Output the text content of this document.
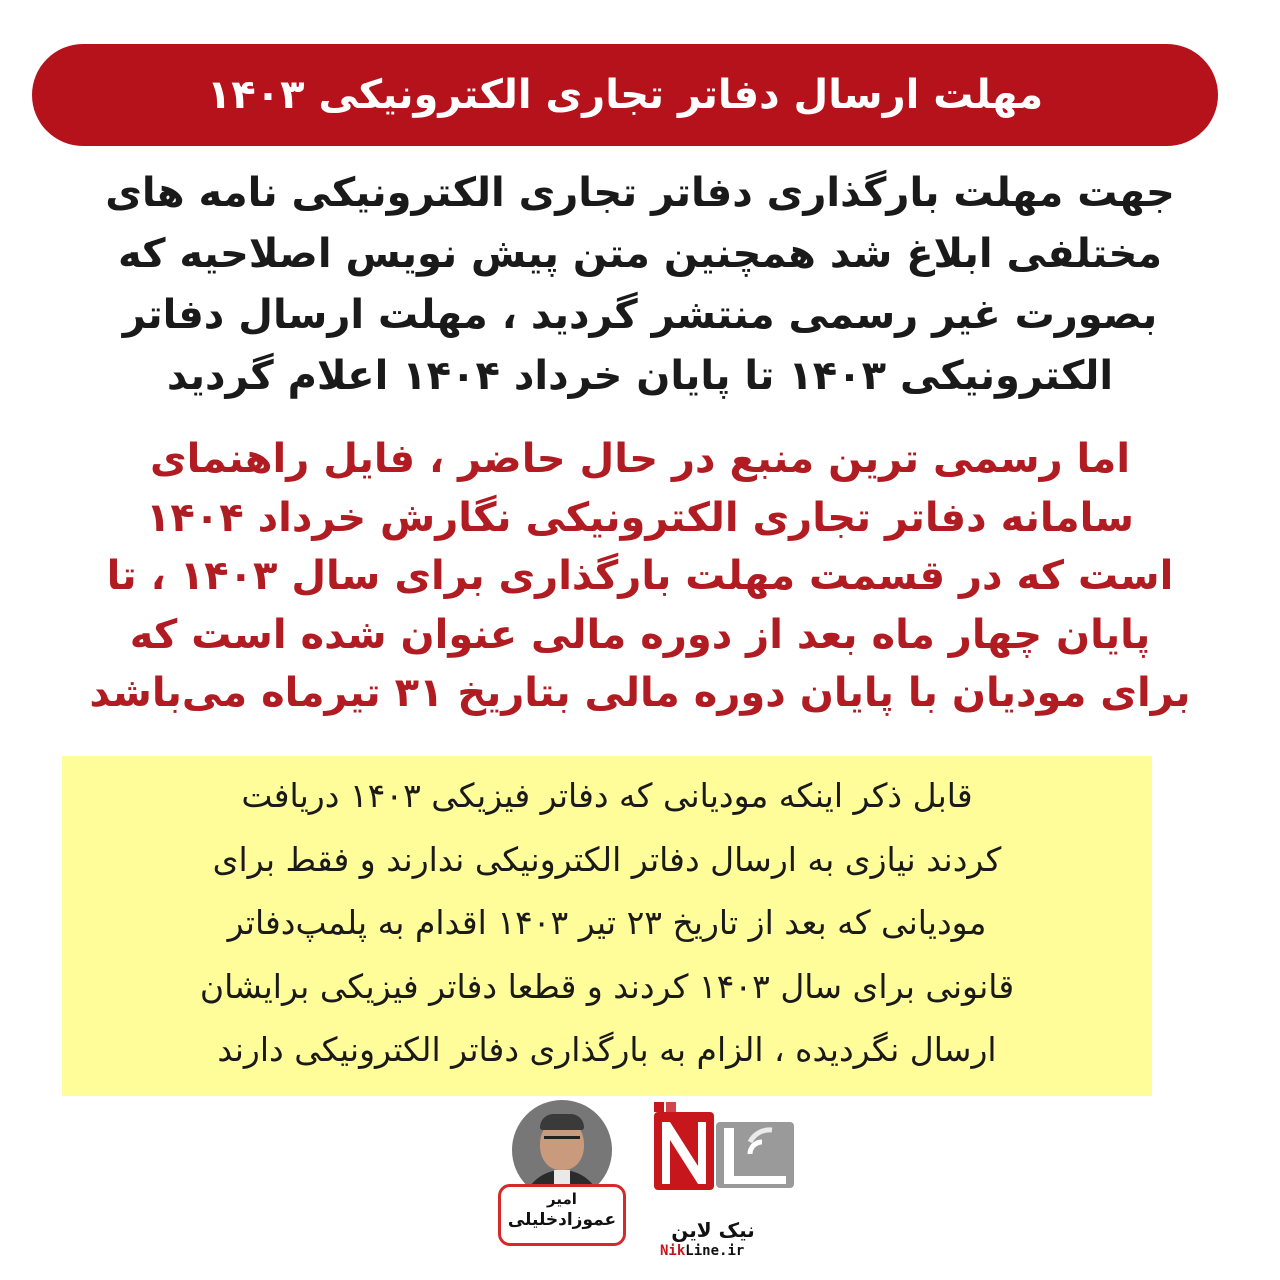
مهلت ارسال دفاتر تجاری الکترونیکی ۱۴۰۳
جهت مهلت بارگذاری دفاتر تجاری الکترونیکی نامه های
مختلفی ابلاغ شد همچنین متن پیش نویس اصلاحیه که
بصورت غیر رسمی منتشر گردید ، مهلت ارسال دفاتر
الکترونیکی ۱۴۰۳ تا پایان خرداد ۱۴۰۴ اعلام گردید
اما رسمی ترین منبع در حال حاضر ، فایل راهنمای
سامانه دفاتر تجاری الکترونیکی نگارش خرداد ۱۴۰۴
است که در قسمت مهلت بارگذاری برای سال ۱۴۰۳ ، تا
پایان چهار ماه بعد از دوره مالی عنوان شده است که
برای مودیان با پایان دوره مالی بتاریخ ۳۱ تیرماه می‌باشد
قابل ذکر اینکه مودیانی که دفاتر فیزیکی ۱۴۰۳ دریافت
کردند نیازی به ارسال دفاتر الکترونیکی ندارند و فقط برای
مودیانی که بعد از تاریخ ۲۳ تیر ۱۴۰۳ اقدام به پلمپ‌دفاتر
قانونی برای سال ۱۴۰۳ کردند و قطعا دفاتر فیزیکی برایشان
ارسال نگردیده ، الزام به بارگذاری دفاتر الکترونیکی دارند
امیر
عموزادخلیلی	نیک لاین
NikLine.ir
